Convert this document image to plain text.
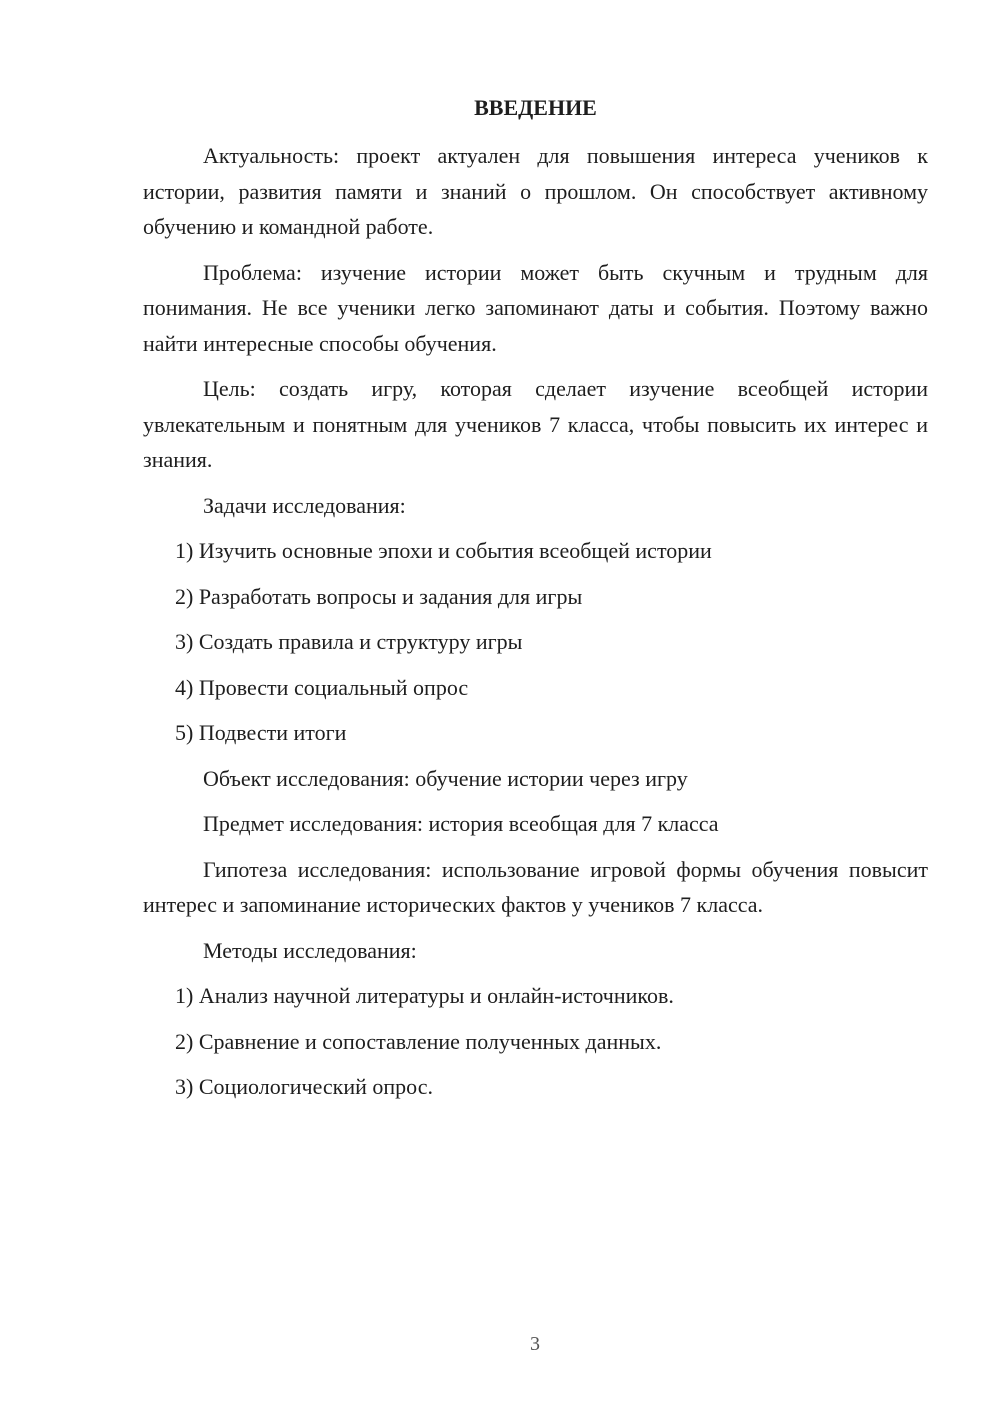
ВВЕДЕНИЕ

Актуальность: проект актуален для повышения интереса учеников к истории, развития памяти и знаний о прошлом. Он способствует активному обучению и командной работе.

Проблема: изучение истории может быть скучным и трудным для понимания. Не все ученики легко запоминают даты и события. Поэтому важно найти интересные способы обучения.

Цель: создать игру, которая сделает изучение всеобщей истории увлекательным и понятным для учеников 7 класса, чтобы повысить их интерес и знания.

Задачи исследования:
1) Изучить основные эпохи и события всеобщей истории
2) Разработать вопросы и задания для игры
3) Создать правила и структуру игры
4) Провести социальный опрос
5) Подвести итоги
Объект исследования: обучение истории через игру
Предмет исследования: история всеобщая для 7 класса

Гипотеза исследования: использование игровой формы обучения повысит интерес и запоминание исторических фактов у учеников 7 класса.

Методы исследования:
1) Анализ научной литературы и онлайн-источников.
2) Сравнение и сопоставление полученных данных.
3) Социологический опрос.
3
